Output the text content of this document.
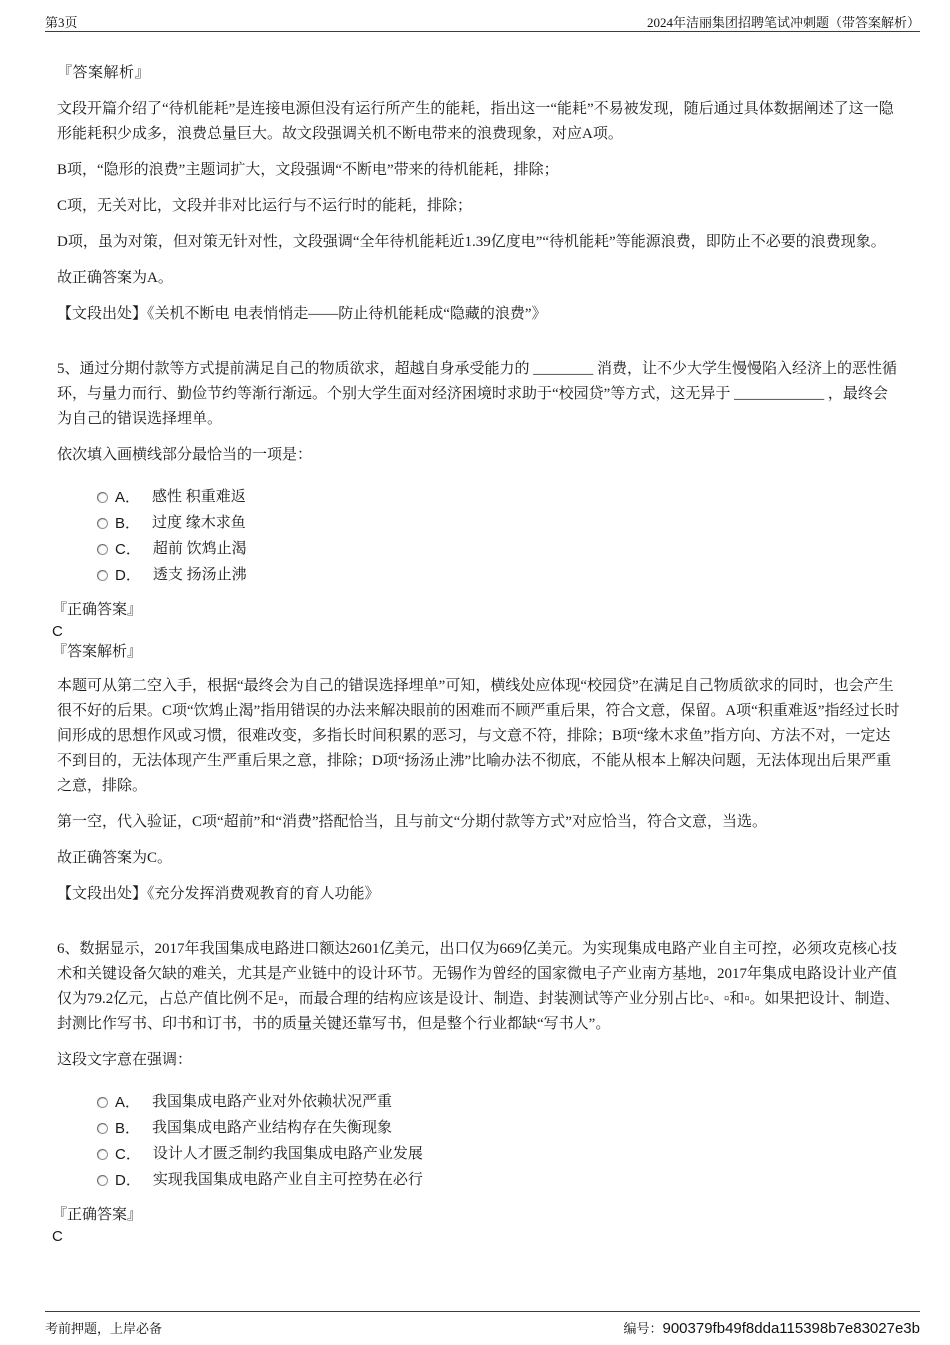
第3页	2024年洁丽集团招聘笔试冲刺题（带答案解析）

『答案解析』

文段开篇介绍了“待机能耗”是连接电源但没有运行所产生的能耗，指出这一“能耗”不易被发现，随后通过具体数据阐述了这一隐形能耗积少成多，浪费总量巨大。故文段强调关机不断电带来的浪费现象，对应A项。

B项，“隐形的浪费”主题词扩大，文段强调“不断电”带来的待机能耗，排除；

C项，无关对比，文段并非对比运行与不运行时的能耗，排除；

D项，虽为对策，但对策无针对性，文段强调“全年待机能耗近1.39亿度电”“待机能耗”等能源浪费，即防止不必要的浪费现象。

故正确答案为A。

【文段出处】《关机不断电 电表悄悄走——防止待机能耗成“隐藏的浪费”》

5、通过分期付款等方式提前满足自己的物质欲求，超越自身承受能力的 ________ 消费，让不少大学生慢慢陷入经济上的恶性循环，与量力而行、勤俭节约等渐行渐远。个别大学生面对经济困境时求助于“校园贷”等方式，这无异于 ____________ ，最终会为自己的错误选择埋单。

依次填入画横线部分最恰当的一项是：

A． 感性 积重难返
B． 过度 缘木求鱼
C． 超前 饮鸩止渴
D． 透支 扬汤止沸
『正确答案』
C
『答案解析』

本题可从第二空入手，根据“最终会为自己的错误选择埋单”可知，横线处应体现“校园贷”在满足自己物质欲求的同时，也会产生很不好的后果。C项“饮鸩止渴”指用错误的办法来解决眼前的困难而不顾严重后果，符合文意，保留。A项“积重难返”指经过长时间形成的思想作风或习惯，很难改变，多指长时间积累的恶习，与文意不符，排除；B项“缘木求鱼”指方向、方法不对，一定达不到目的，无法体现产生严重后果之意，排除；D项“扬汤止沸”比喻办法不彻底，不能从根本上解决问题，无法体现出后果严重之意，排除。

第一空，代入验证，C项“超前”和“消费”搭配恰当，且与前文“分期付款等方式”对应恰当，符合文意，当选。

故正确答案为C。

【文段出处】《充分发挥消费观教育的育人功能》

6、数据显示，2017年我国集成电路进口额达2601亿美元，出口仅为669亿美元。为实现集成电路产业自主可控，必须攻克核心技术和关键设备欠缺的难关，尤其是产业链中的设计环节。无锡作为曾经的国家微电子产业南方基地，2017年集成电路设计业产值仅为79.2亿元，占总产值比例不足▫，而最合理的结构应该是设计、制造、封装测试等产业分别占比▫、▫和▫。如果把设计、制造、封测比作写书、印书和订书，书的质量关键还靠写书，但是整个行业都缺“写书人”。

这段文字意在强调：

A． 我国集成电路产业对外依赖状况严重
B． 我国集成电路产业结构存在失衡现象
C． 设计人才匮乏制约我国集成电路产业发展
D． 实现我国集成电路产业自主可控势在必行
『正确答案』
C
考前押题，上岸必备	编号： 900379fb49f8dda115398b7e83027e3b
